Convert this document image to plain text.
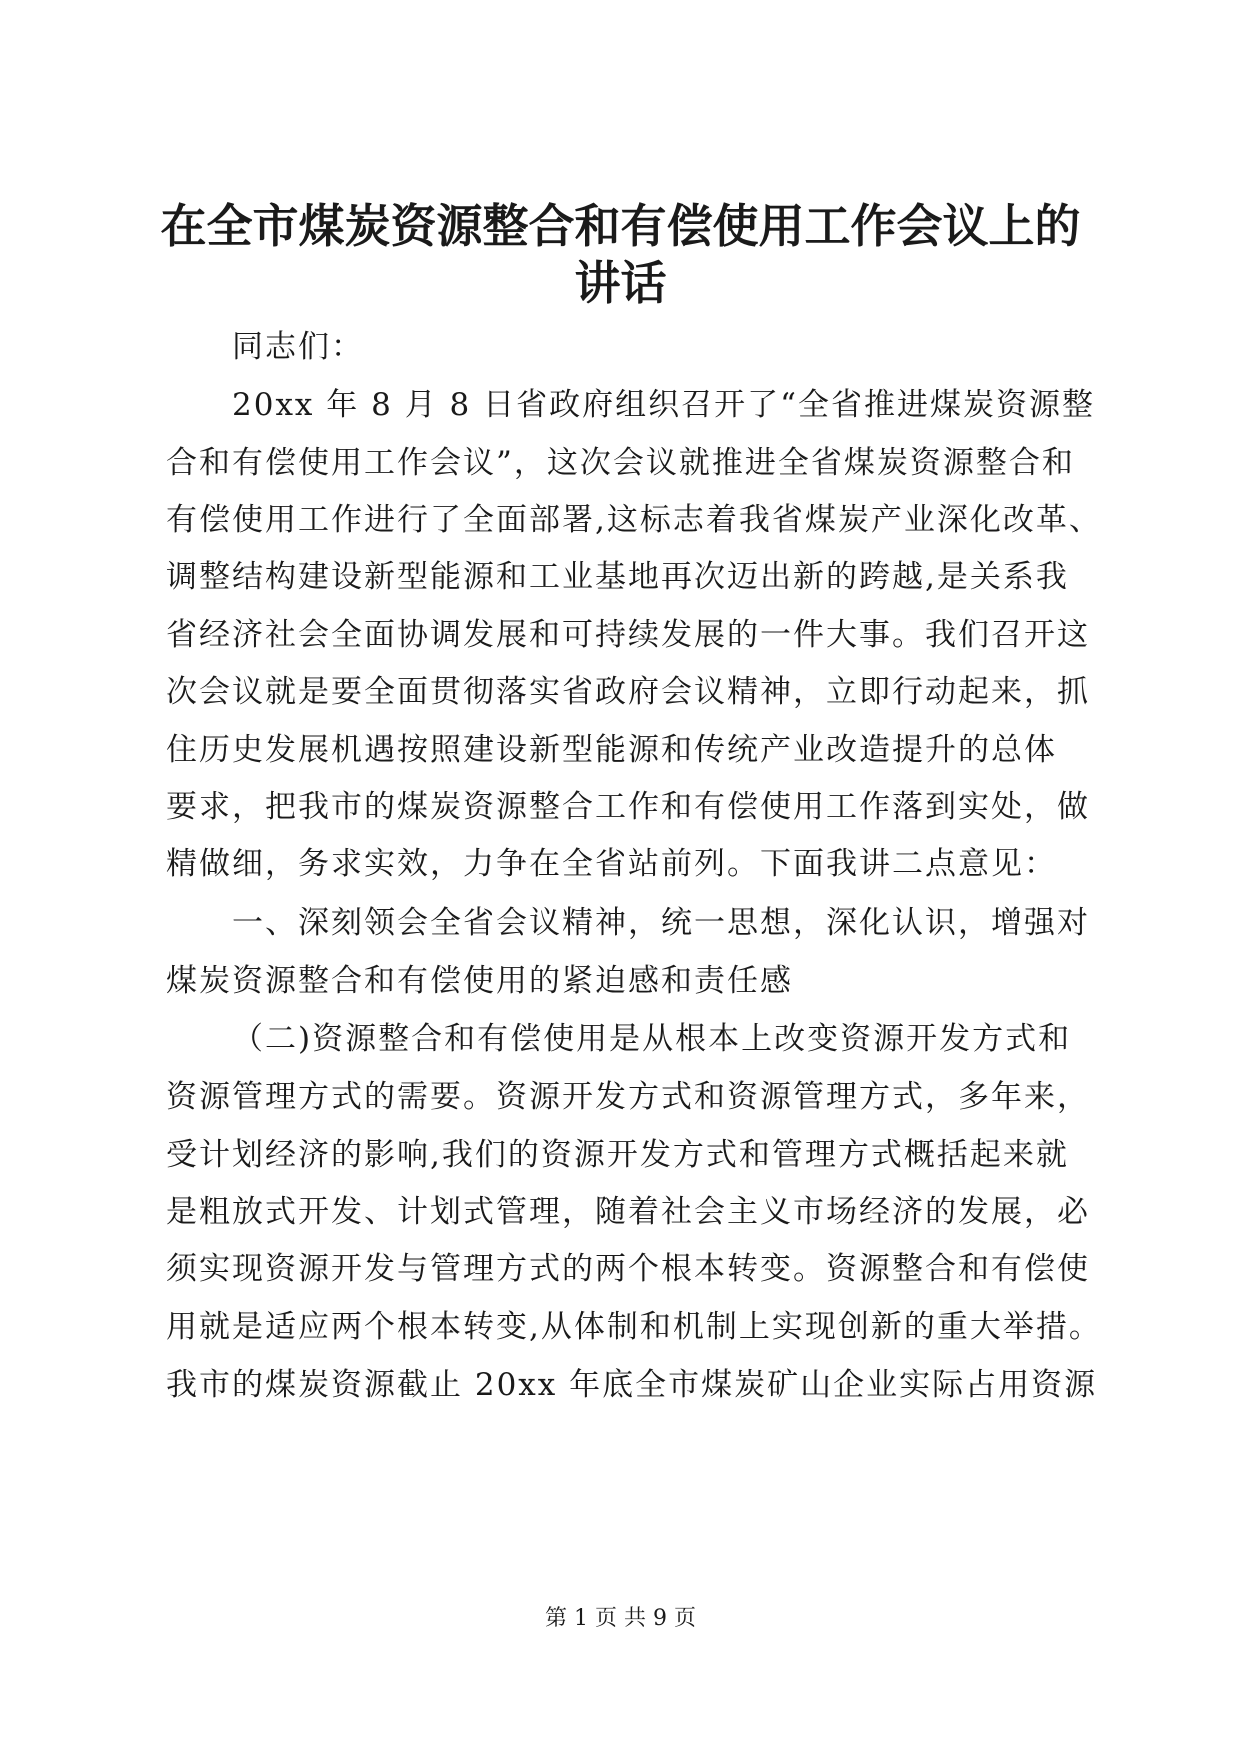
在全市煤炭资源整合和有偿使用工作会议上的
讲话
同志们：
20xx 年 8 月 8 日省政府组织召开了“全省推进煤炭资源整
合和有偿使用工作会议”，这次会议就推进全省煤炭资源整合和
有偿使用工作进行了全面部署,这标志着我省煤炭产业深化改革、
调整结构建设新型能源和工业基地再次迈出新的跨越,是关系我
省经济社会全面协调发展和可持续发展的一件大事。我们召开这
次会议就是要全面贯彻落实省政府会议精神，立即行动起来，抓
住历史发展机遇按照建设新型能源和传统产业改造提升的总体
要求，把我市的煤炭资源整合工作和有偿使用工作落到实处，做
精做细，务求实效，力争在全省站前列。下面我讲二点意见：
一、深刻领会全省会议精神，统一思想，深化认识，增强对
煤炭资源整合和有偿使用的紧迫感和责任感
（二)资源整合和有偿使用是从根本上改变资源开发方式和
资源管理方式的需要。资源开发方式和资源管理方式，多年来，
受计划经济的影响,我们的资源开发方式和管理方式概括起来就
是粗放式开发、计划式管理，随着社会主义市场经济的发展，必
须实现资源开发与管理方式的两个根本转变。资源整合和有偿使
用就是适应两个根本转变,从体制和机制上实现创新的重大举措。
我市的煤炭资源截止 20xx 年底全市煤炭矿山企业实际占用资源
第 1 页 共 9 页
